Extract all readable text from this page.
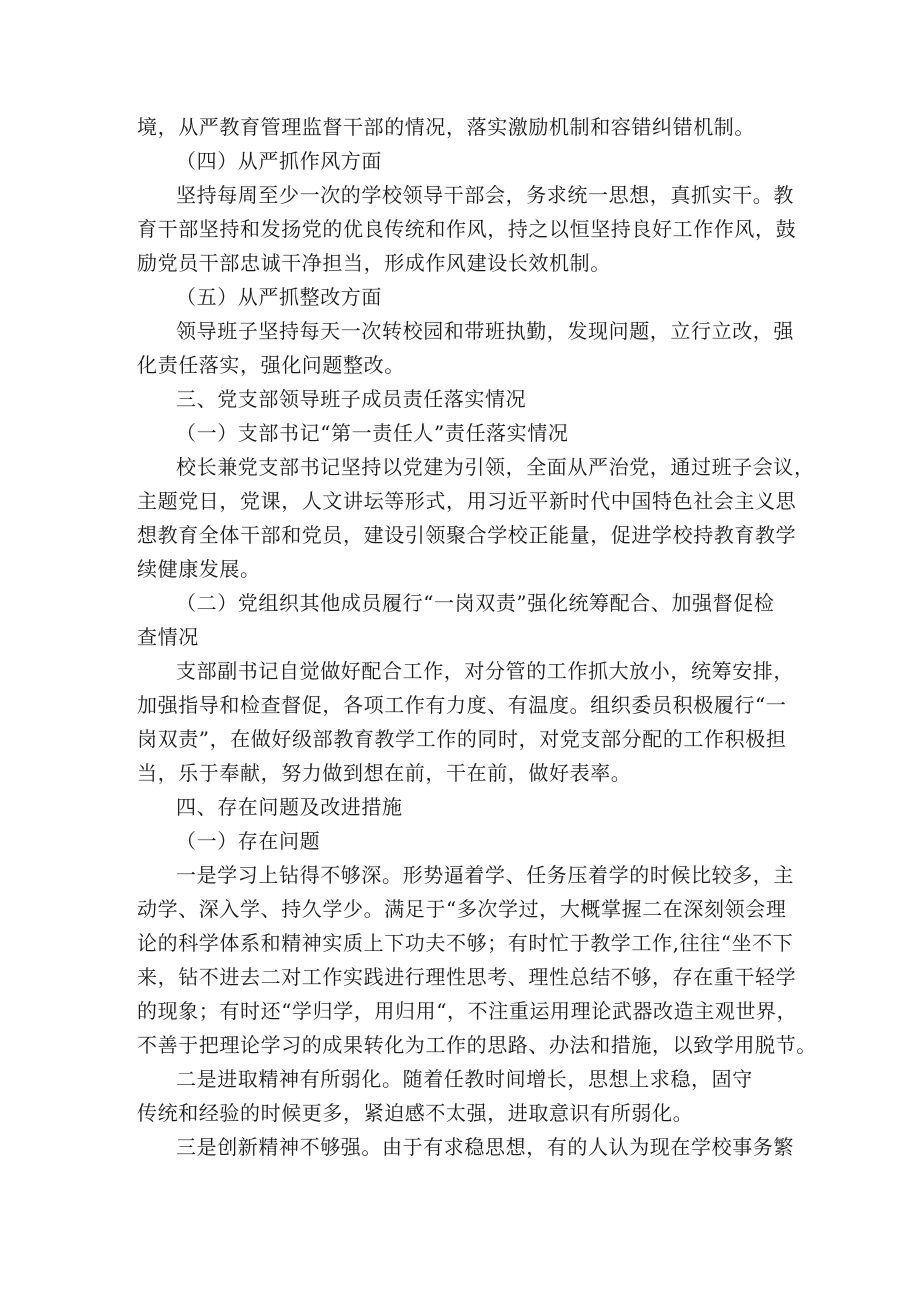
境，从严教育管理监督干部的情况，落实激励机制和容错纠错机制。
（四）从严抓作风方面
坚持每周至少一次的学校领导干部会，务求统一思想，真抓实干。教
育干部坚持和发扬党的优良传统和作风，持之以恒坚持良好工作作风，鼓
励党员干部忠诚干净担当，形成作风建设长效机制。
（五）从严抓整改方面
领导班子坚持每天一次转校园和带班执勤，发现问题，立行立改，强
化责任落实，强化问题整改。
三、党支部领导班子成员责任落实情况
（一）支部书记“第一责任人”责任落实情况
校长兼党支部书记坚持以党建为引领，全面从严治党，通过班子会议，
主题党日，党课，人文讲坛等形式，用习近平新时代中国特色社会主义思
想教育全体干部和党员，建设引领聚合学校正能量，促进学校持教育教学
续健康发展。
（二）党组织其他成员履行“一岗双责”强化统筹配合、加强督促检
查情况
支部副书记自觉做好配合工作，对分管的工作抓大放小，统筹安排，
加强指导和检查督促，各项工作有力度、有温度。组织委员积极履行“一
岗双责”，在做好级部教育教学工作的同时，对党支部分配的工作积极担
当，乐于奉献，努力做到想在前，干在前，做好表率。
四、存在问题及改进措施
（一）存在问题
一是学习上钻得不够深。形势逼着学、任务压着学的时候比较多，主
动学、深入学、持久学少。满足于“多次学过，大概掌握二在深刻领会理
论的科学体系和精神实质上下功夫不够；有时忙于教学工作,往往“坐不下
来，钻不进去二对工作实践进行理性思考、理性总结不够，存在重干轻学
的现象；有时还“学归学，用归用“，不注重运用理论武器改造主观世界，
不善于把理论学习的成果转化为工作的思路、办法和措施，以致学用脱节。
二是进取精神有所弱化。随着任教时间增长，思想上求稳，固守
传统和经验的时候更多，紧迫感不太强，进取意识有所弱化。
三是创新精神不够强。由于有求稳思想，有的人认为现在学校事务繁
